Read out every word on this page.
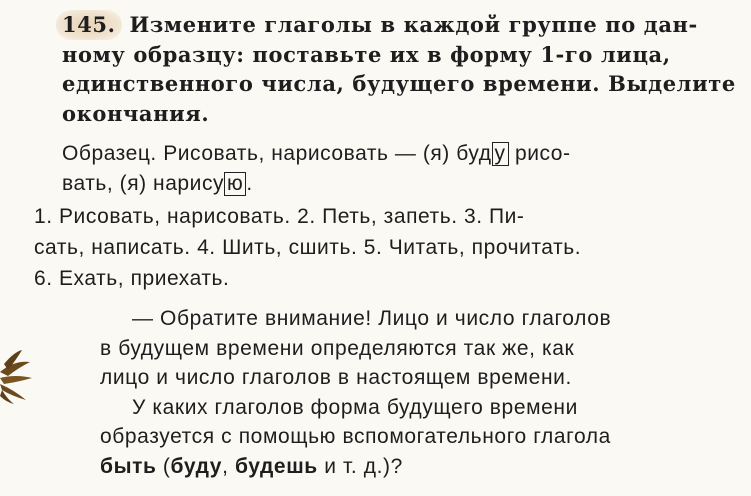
145. Измените глаголы в каждой группе по дан-
ному образцу: поставьте их в форму 1-го лица,
единственного числа, будущего времени. Выделите
окончания.
Образец. Рисовать, нарисовать — (я) буд у рисо-
вать, (я) нарису ю .
1. Рисовать, нарисовать. 2. Петь, запеть. 3. Пи-
сать, написать. 4. Шить, сшить. 5. Читать, прочитать.
6. Ехать, приехать.
— Обратите внимание! Лицо и число глаголов
в будущем времени определяются так же, как
лицо и число глаголов в настоящем времени.
У каких глаголов форма будущего времени
образуется с помощью вспомогательного глагола
быть (буду, будешь и т. д.)?
